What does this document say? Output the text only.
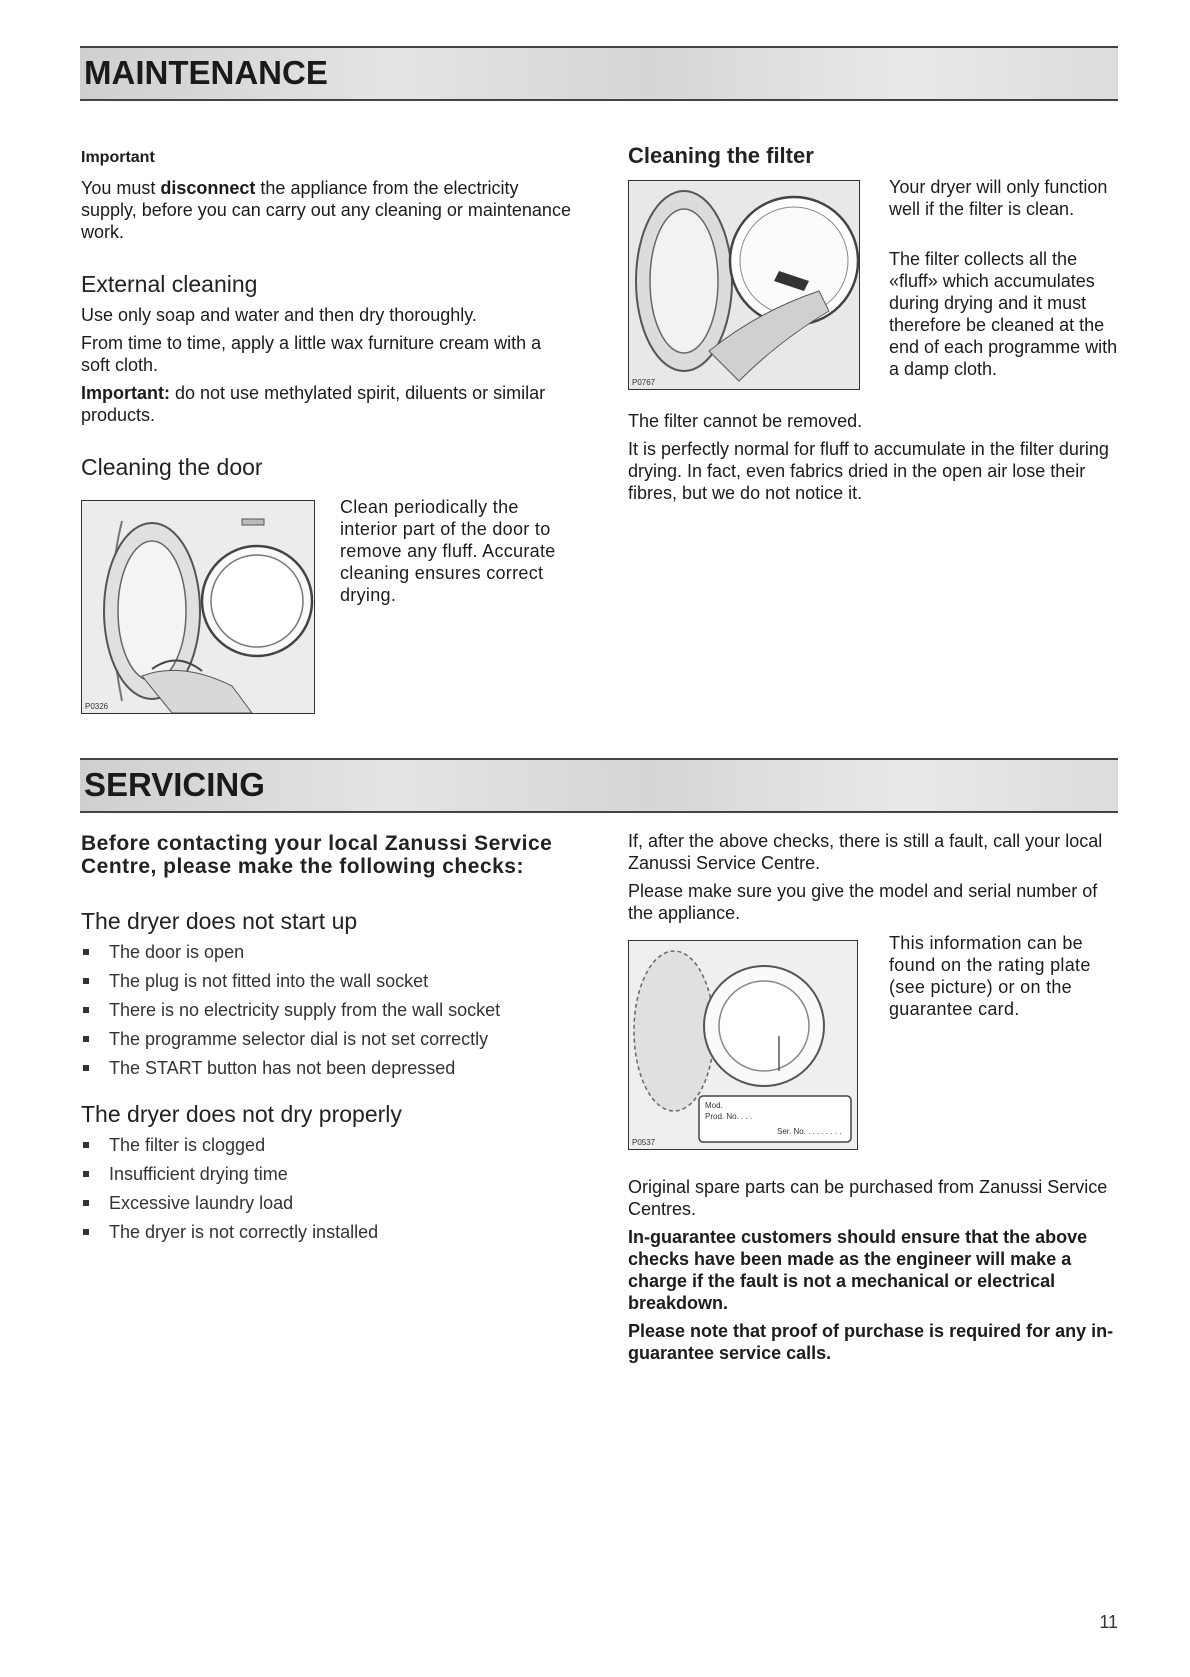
MAINTENANCE

Important

You must disconnect the appliance from the electricity supply, before you can carry out any cleaning or maintenance work.

External cleaning

Use only soap and water and then dry thoroughly.

From time to time, apply a little wax furniture cream with a soft cloth.

Important: do not use methylated spirit, diluents or similar products.

Cleaning the door

P0326

Clean periodically the interior part of the door to remove any fluff. Accurate cleaning ensures correct drying.

Cleaning the filter

P0767

Your dryer will only function well if the filter is clean.

The filter collects all the «fluff» which accumulates during drying and it must therefore be cleaned at the end of each programme with a damp cloth.

The filter cannot be removed.

It is perfectly normal for fluff to accumulate in the filter during drying. In fact, even fabrics dried in the open air lose their fibres, but we do not notice it.

SERVICING

Before contacting your local Zanussi Service Centre, please make the following checks:

The dryer does not start up

The door is open
The plug is not fitted into the wall socket
There is no electricity supply from the wall socket
The programme selector dial is not set correctly
The START button has not been depressed

The dryer does not dry properly

The filter is clogged
Insufficient drying time
Excessive laundry load
The dryer is not correctly installed

If, after the above checks, there is still a fault, call your local Zanussi Service Centre.

Please make sure you give the model and serial number of the appliance.

Mod.
Prod. No. . . .
Ser. No. . . . . . . . .
P0537

This information can be found on the rating plate (see picture) or on the guarantee card.

Original spare parts can be purchased from Zanussi Service Centres.

In-guarantee customers should ensure that the above checks have been made as the engineer will make a charge if the fault is not a mechanical or electrical breakdown.

Please note that proof of purchase is required for any in-guarantee service calls.

11
